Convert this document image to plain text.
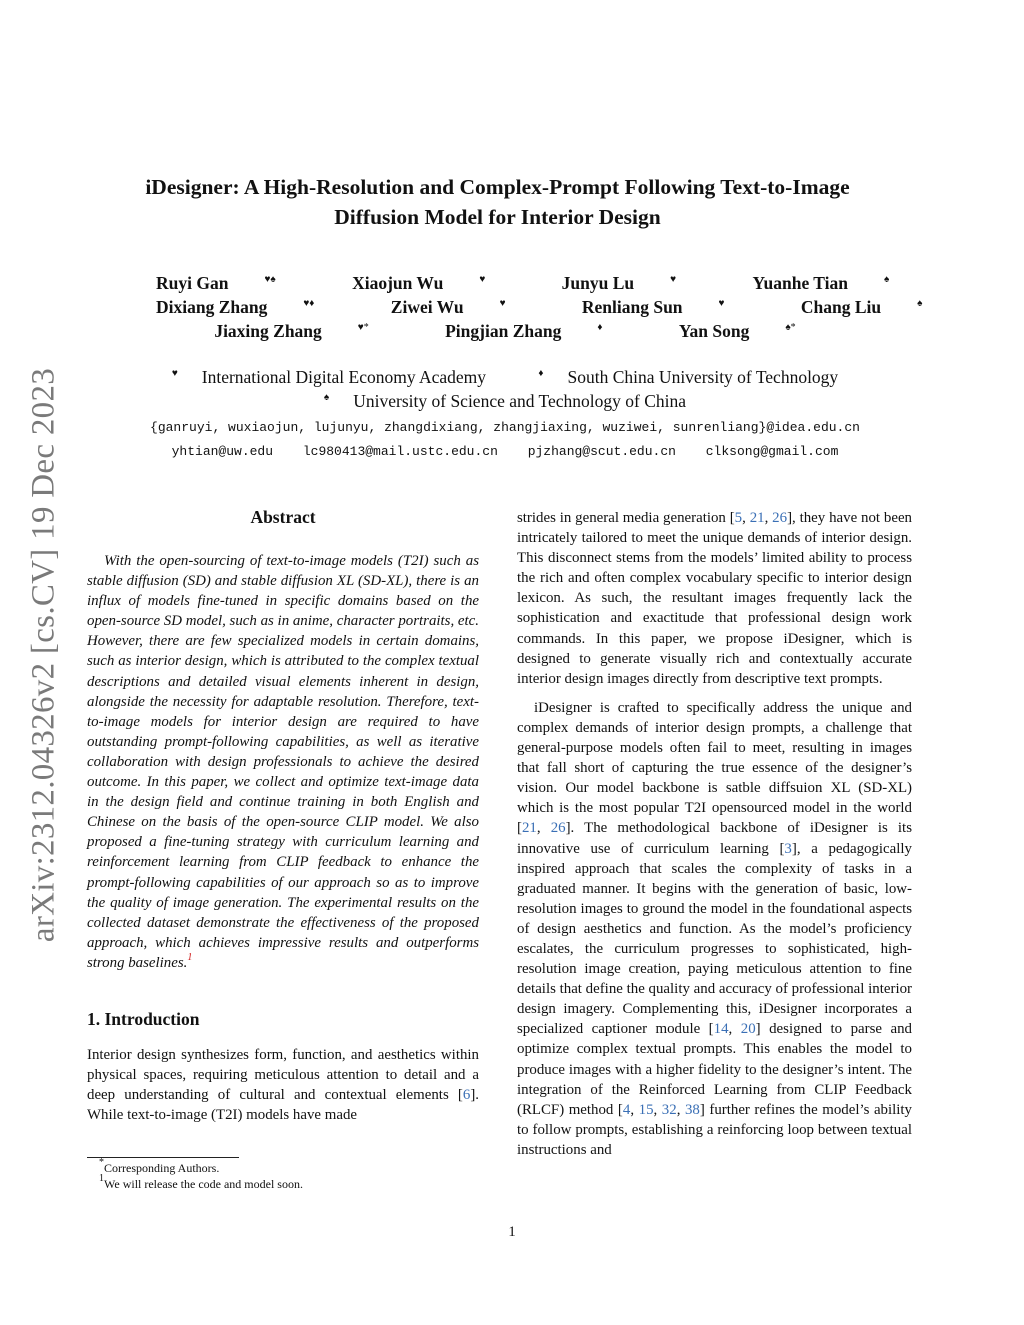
arXiv:2312.04326v2 [cs.CV] 19 Dec 2023
iDesigner: A High-Resolution and Complex-Prompt Following Text-to-Image
Diffusion Model for Interior Design
Ruyi Gan	♥♠	Xiaojun Wu	♥	Junyu Lu	♥	Yuanhe Tian	♠
Dixiang Zhang	♥♦	Ziwei Wu	♥	Renliang Sun	♥	Chang Liu	♠
Jiaxing Zhang	♥*	Pingjian Zhang	♦	Yan Song	♠*
♥ International Digital Economy Academy	♦ South China University of Technology
♠ University of Science and Technology of China
{ganruyi, wuxiaojun, lujunyu, zhangdixiang, zhangjiaxing, wuziwei, sunrenliang}@idea.edu.cn
yhtian@uw.edu lc980413@mail.ustc.edu.cn pjzhang@scut.edu.cn clksong@gmail.com
Abstract

With the open-sourcing of text-to-image models (T2I) such as stable diffusion (SD) and stable diffusion XL (SD-XL), there is an influx of models fine-tuned in specific domains based on the open-source SD model, such as in anime, character portraits, etc. However, there are few specialized models in certain domains, such as interior design, which is attributed to the complex textual descriptions and detailed visual elements inherent in design, alongside the necessity for adaptable resolution. Therefore, text-to-image models for interior design are required to have outstanding prompt-following capabilities, as well as iterative collaboration with design professionals to achieve the desired outcome. In this paper, we collect and optimize text-image data in the design field and continue training in both English and Chinese on the basis of the open-source CLIP model. We also proposed a fine-tuning strategy with curriculum learning and reinforcement learning from CLIP feedback to enhance the prompt-following capabilities of our approach so as to improve the quality of image generation. The experimental results on the collected dataset demonstrate the effectiveness of the proposed approach, which achieves impressive results and outperforms strong baselines.$^1$

1. Introduction

Interior design synthesizes form, function, and aesthetics within physical spaces, requiring meticulous attention to detail and a deep understanding of cultural and contextual elements [6]. While text-to-image (T2I) models have made

strides in general media generation [5, 21, 26], they have not been intricately tailored to meet the unique demands of interior design. This disconnect stems from the models’ limited ability to process the rich and often complex vocabulary specific to interior design lexicon. As such, the resultant images frequently lack the sophistication and exactitude that professional design work commands. In this paper, we propose iDesigner, which is designed to generate visually rich and contextually accurate interior design images directly from descriptive text prompts.

iDesigner is crafted to specifically address the unique and complex demands of interior design prompts, a challenge that general-purpose models often fail to meet, resulting in images that fall short of capturing the true essence of the designer’s vision. Our model backbone is satble diffsuion XL (SD-XL) which is the most popular T2I opensourced model in the world [21, 26]. The methodological backbone of iDesigner is its innovative use of curriculum learning [3], a pedagogically inspired approach that scales the complexity of tasks in a graduated manner. It begins with the generation of basic, low-resolution images to ground the model in the foundational aspects of design aesthetics and function. As the model’s proficiency escalates, the curriculum progresses to sophisticated, high-resolution image creation, paying meticulous attention to fine details that define the quality and accuracy of professional interior design imagery. Complementing this, iDesigner incorporates a specialized captioner module [14, 20] designed to parse and optimize complex textual prompts. This enables the model to produce images with a higher fidelity to the designer’s intent. The integration of the Reinforced Learning from CLIP Feedback (RLCF) method [4, 15, 32, 38] further refines the model’s ability to follow prompts, establishing a reinforcing loop between textual instructions and

*Corresponding Authors.
$^1$We will release the code and model soon.
1
